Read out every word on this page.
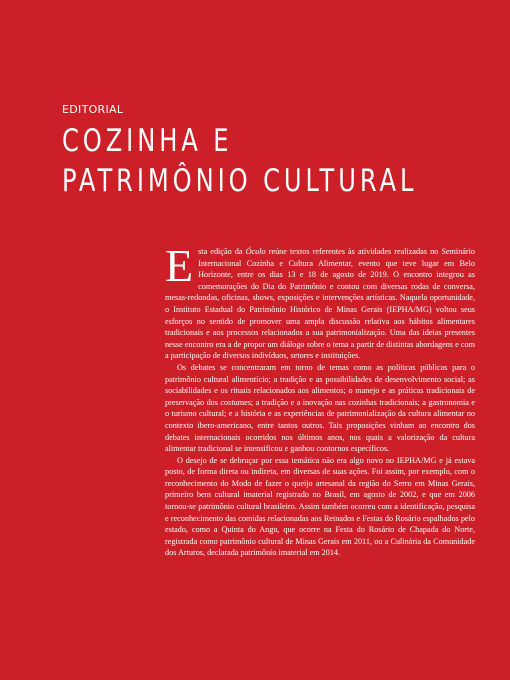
EDITORIAL
COZINHA E
PATRIMÔNIO CULTURAL

Esta edição da Óculo reúne textos referentes às atividades realizadas no Seminário Internacional Cozinha e Cultura Alimentar, evento que teve lugar em Belo Horizonte, entre os dias 13 e 18 de agosto de 2019. O encontro integrou as comemorações do Dia do Patrimônio e contou com diversas rodas de conversa, mesas-redondas, oficinas, shows, exposições e intervenções artísticas. Naquela oportunidade, o Instituto Estadual do Patrimônio Histórico de Minas Gerais (IEPHA/MG) voltou seus esforços no sentido de promover uma ampla discussão relativa aos hábitos alimentares tradicionais e aos processos relacionados a sua patrimonialização. Uma das ideias presentes nesse encontro era a de propor um diálogo sobre o tema a partir de distintas abordagens e com a participação de diversos indivíduos, setores e instituições.

Os debates se concentraram em torno de temas como as políticas públicas para o patrimônio cultural alimentício; a tradição e as possibilidades de desenvolvimento social; as sociabilidades e os rituais relacionados aos alimentos; o manejo e as práticas tradicionais de preservação dos costumes; a tradição e a inovação nas cozinhas tradicionais; a gastronomia e o turismo cultural; e a história e as experiências de patrimonialização da cultura alimentar no contexto ibero-americano, entre tantos outros. Tais proposições vinham ao encontro dos debates internacionais ocorridos nos últimos anos, nos quais a valorização da cultura alimentar tradicional se intensificou e ganhou contornos específicos.

O desejo de se debruçar por essa temática não era algo novo no IEPHA/MG e já estava posto, de forma direta ou indireta, em diversas de suas ações. Foi assim, por exemplo, com o reconhecimento do Modo de fazer o queijo artesanal da região do Serro em Minas Gerais, primeiro bem cultural imaterial registrado no Brasil, em agosto de 2002, e que em 2006 tornou-se patrimônio cultural brasileiro. Assim também ocorreu com a identificação, pesquisa e reconhecimento das comidas relacionadas aos Reinados e Festas do Rosário espalhados pelo estado, como a Quinta do Angu, que ocorre na Festa do Rosário de Chapada do Norte, registrada como patrimônio cultural de Minas Gerais em 2011, ou a Culinária da Comunidade dos Arturos, declarada patrimônio imaterial em 2014.
